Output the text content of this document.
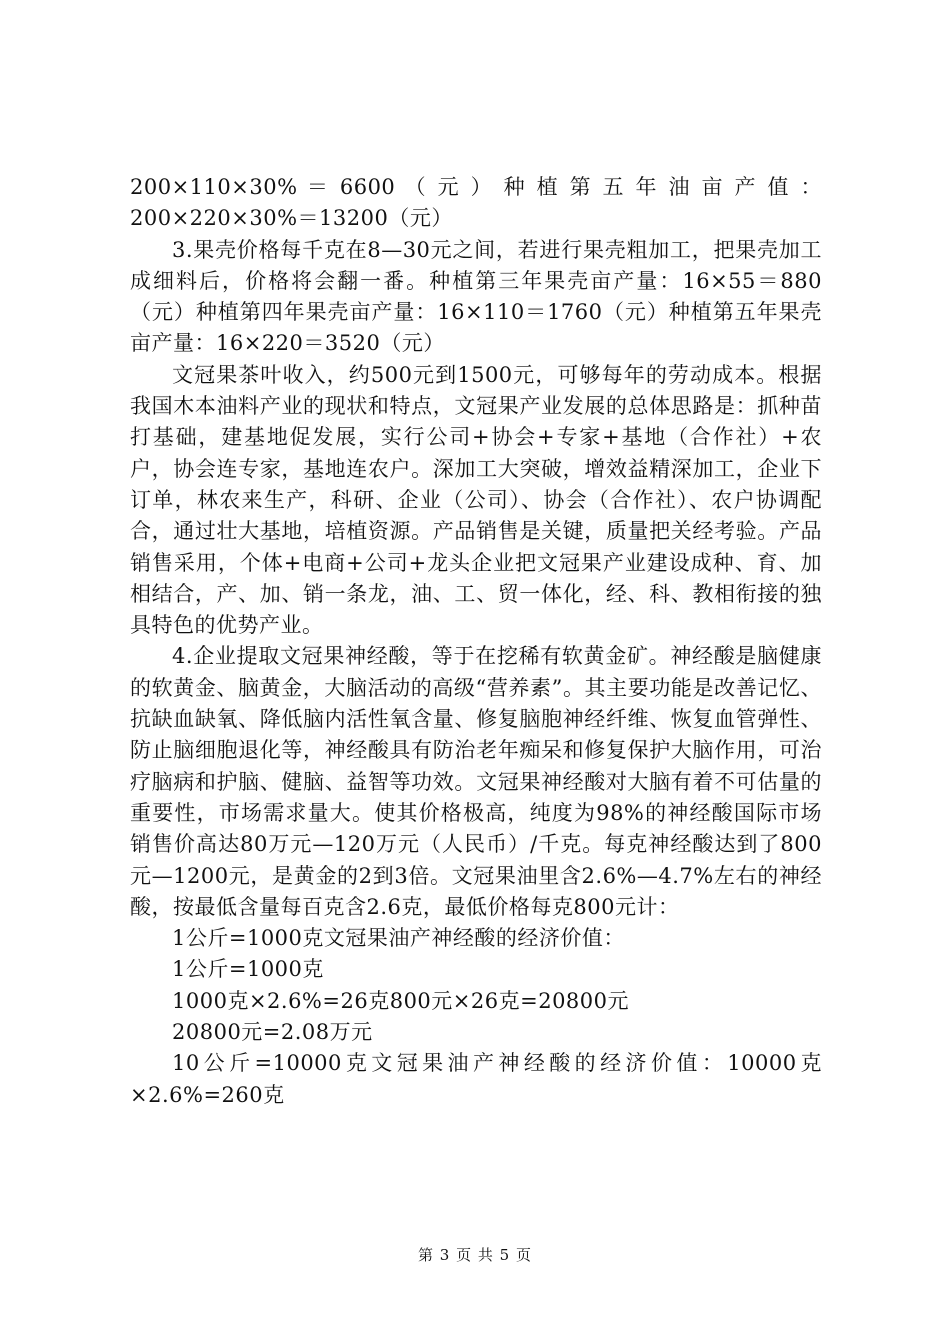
200×110×30% ＝ 6600 （ 元 ） 种 植 第 五 年 油 亩 产 值 ：200×220×30%＝13200（元）

3.果壳价格每千克在8—30元之间，若进行果壳粗加工，把果壳加工成细料后，价格将会翻一番。种植第三年果壳亩产量：16×55＝880（元）种植第四年果壳亩产量：16×110＝1760（元）种植第五年果壳亩产量：16×220＝3520（元）

文冠果茶叶收入，约500元到1500元，可够每年的劳动成本。根据我国木本油料产业的现状和特点，文冠果产业发展的总体思路是：抓种苗打基础，建基地促发展，实行公司+协会+专家+基地（合作社）+农户，协会连专家，基地连农户。深加工大突破，增效益精深加工，企业下订单，林农来生产，科研、企业（公司）、协会（合作社）、农户协调配合，通过壮大基地，培植资源。产品销售是关键，质量把关经考验。产品销售采用，个体+电商+公司+龙头企业把文冠果产业建设成种、育、加相结合，产、加、销一条龙，油、工、贸一体化，经、科、教相衔接的独具特色的优势产业。

4.企业提取文冠果神经酸，等于在挖稀有软黄金矿。神经酸是脑健康的软黄金、脑黄金，大脑活动的高级“营养素”。其主要功能是改善记忆、抗缺血缺氧、降低脑内活性氧含量、修复脑胞神经纤维、恢复血管弹性、防止脑细胞退化等，神经酸具有防治老年痴呆和修复保护大脑作用，可治疗脑病和护脑、健脑、益智等功效。文冠果神经酸对大脑有着不可估量的重要性，市场需求量大。使其价格极高，纯度为98%的神经酸国际市场销售价高达80万元—120万元（人民币）/千克。每克神经酸达到了800元—1200元，是黄金的2到3倍。文冠果油里含2.6%—4.7%左右的神经酸，按最低含量每百克含2.6克，最低价格每克800元计：

1公斤=1000克文冠果油产神经酸的经济价值：

1公斤=1000克

1000克×2.6%=26克800元×26克=20800元

20800元=2.08万元

10公斤=10000克文冠果油产神经酸的经济价值：10000克×2.6%=260克

第 3 页 共 5 页
